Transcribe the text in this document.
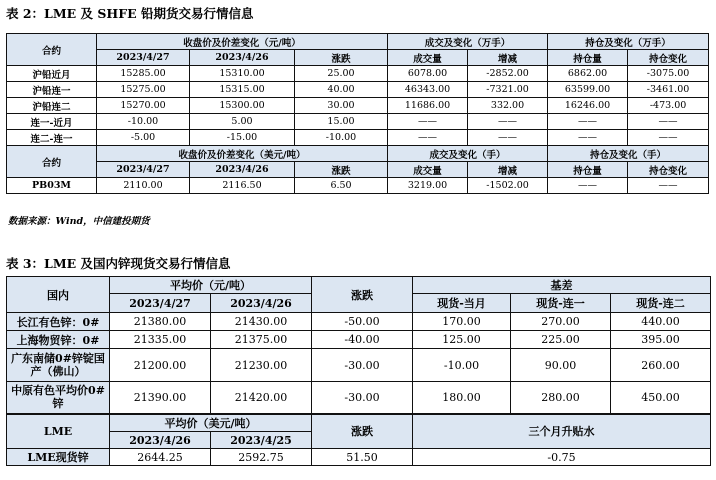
表 2：LME 及 SHFE 铅期货交易行情信息
合约	收盘价及价差变化（元/吨）			成交及变化（万手）		持仓及变化（万手）	
	2023/4/27	2023/4/26	涨跌	成交量	增减	持仓量	持仓变化
沪铅近月	15285.00	15310.00	25.00	6078.00	-2852.00	6862.00	-3075.00
沪铅连一	15275.00	15315.00	40.00	46343.00	-7321.00	63599.00	-3461.00
沪铅连二	15270.00	15300.00	30.00	11686.00	332.00	16246.00	-473.00
连一-近月	-10.00	5.00	15.00	——	——	——	——
连二-连一	-5.00	-15.00	-10.00	——	——	——	——
合约	收盘价及价差变化（美元/吨）			成交及变化（手）		持仓及变化（手）	
	2023/4/27	2023/4/26	涨跌	成交量	增减	持仓量	持仓变化
PB03M	2110.00	2116.50	6.50	3219.00	-1502.00	——	——
数据来源：Wind，中信建投期货
表 3：LME 及国内锌现货交易行情信息
国内	平均价（元/吨）		涨跌	基差		
	2023/4/27	2023/4/26		现货-当月	现货-连一	现货-连二
长江有色锌：0#	21380.00	21430.00	-50.00	170.00	270.00	440.00
上海物贸锌：0#	21335.00	21375.00	-40.00	125.00	225.00	395.00
广东南储0#锌锭国产（佛山）	21200.00	21230.00	-30.00	-10.00	90.00	260.00
中原有色平均价0#锌	21390.00	21420.00	-30.00	180.00	280.00	450.00
LME	平均价（美元/吨）		涨跌	三个月升贴水		
	2023/4/26	2023/4/25				
LME现货锌	2644.25	2592.75	51.50	-0.75		
